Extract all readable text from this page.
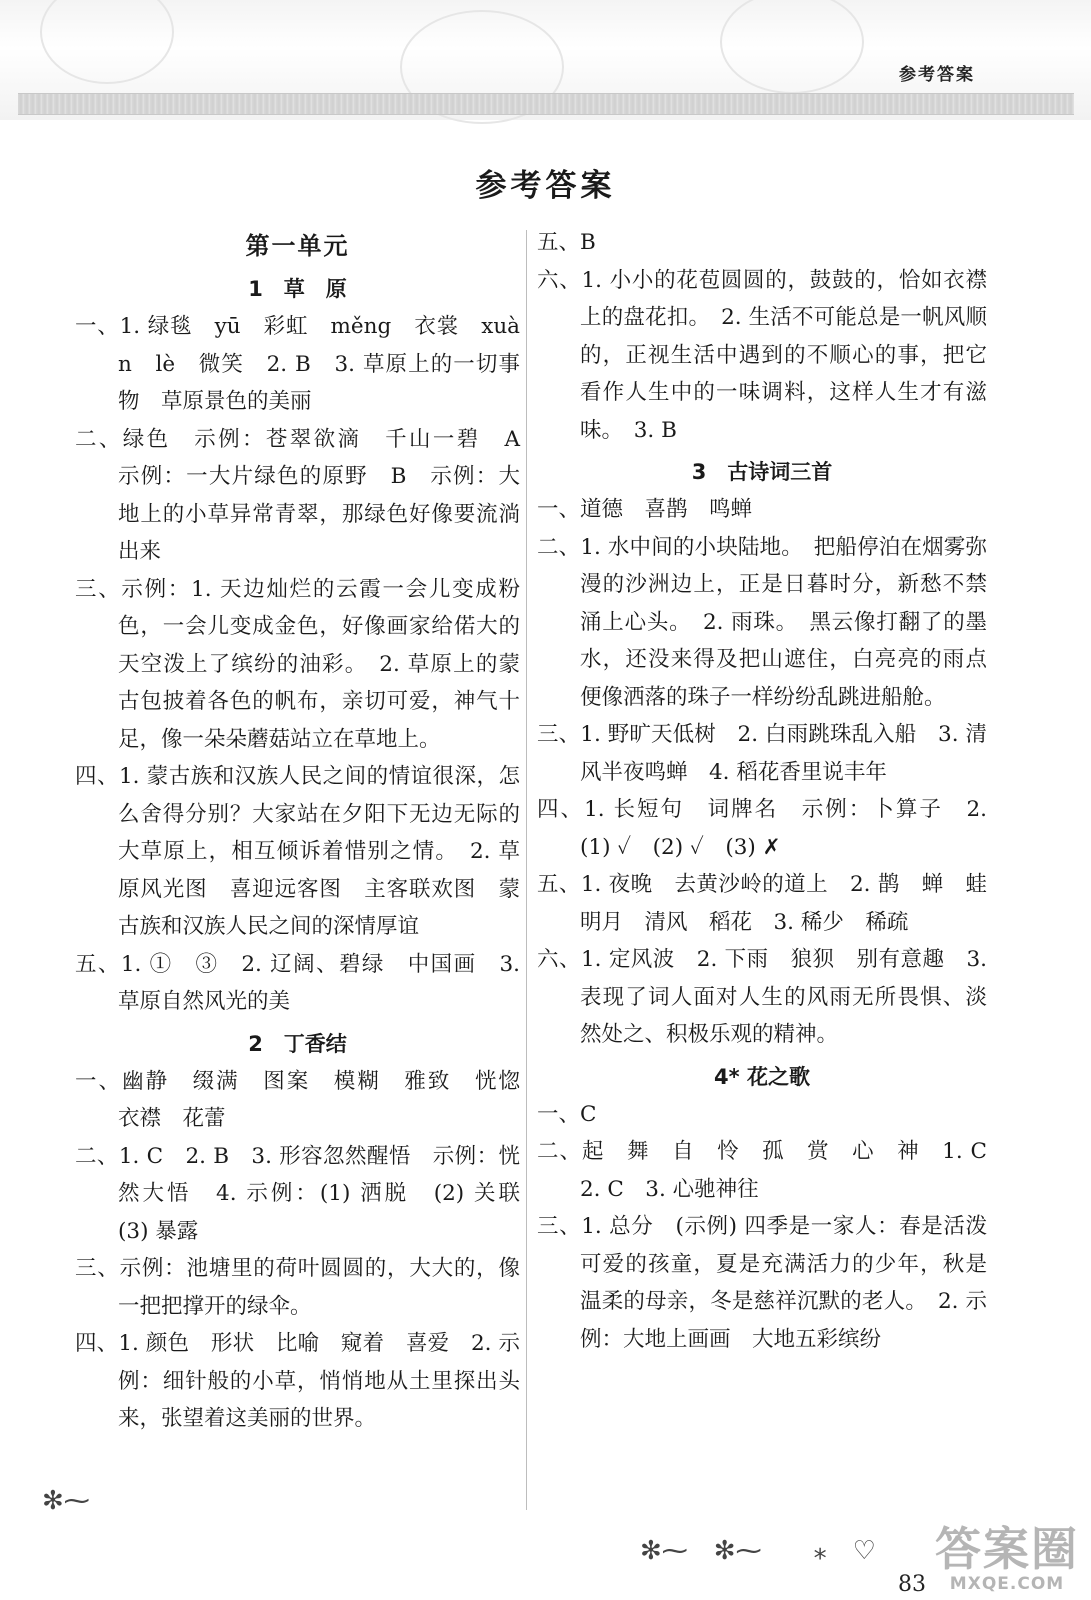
参考答案
参考答案

第一单元

1　草　原

一、1. 绿毯　yū　彩虹　měng　衣裳　xuàn　lè　微笑　2. B　3. 草原上的一切事物　草原景色的美丽

二、绿色　示例：苍翠欲滴　千山一碧　A　示例：一大片绿色的原野　B　示例：大地上的小草异常青翠，那绿色好像要流淌出来

三、示例：1. 天边灿烂的云霞一会儿变成粉色，一会儿变成金色，好像画家给偌大的天空泼上了缤纷的油彩。　2. 草原上的蒙古包披着各色的帆布，亲切可爱，神气十足，像一朵朵蘑菇站立在草地上。

四、1. 蒙古族和汉族人民之间的情谊很深，怎么舍得分别？大家站在夕阳下无边无际的大草原上，相互倾诉着惜别之情。　2. 草原风光图　喜迎远客图　主客联欢图　蒙古族和汉族人民之间的深情厚谊

五、1. ①　③　2. 辽阔、碧绿　中国画　3. 草原自然风光的美

2　丁香结

一、幽静　缀满　图案　模糊　雅致　恍惚　衣襟　花蕾

二、1. C　2. B　3. 形容忽然醒悟　示例：恍然大悟　4. 示例：(1) 洒脱　(2) 关联　(3) 暴露

三、示例：池塘里的荷叶圆圆的，大大的，像一把把撑开的绿伞。

四、1. 颜色　形状　比喻　窥着　喜爱　2. 示例：细针般的小草，悄悄地从土里探出头来，张望着这美丽的世界。

五、B

六、1. 小小的花苞圆圆的，鼓鼓的，恰如衣襟上的盘花扣。　2. 生活不可能总是一帆风顺的，正视生活中遇到的不顺心的事，把它看作人生中的一味调料，这样人生才有滋味。　3. B

3　古诗词三首

一、道德　喜鹊　鸣蝉

二、1. 水中间的小块陆地。　把船停泊在烟雾弥漫的沙洲边上，正是日暮时分，新愁不禁涌上心头。　2. 雨珠。　黑云像打翻了的墨水，还没来得及把山遮住，白亮亮的雨点便像洒落的珠子一样纷纷乱跳进船舱。

三、1. 野旷天低树　2. 白雨跳珠乱入船　3. 清风半夜鸣蝉　4. 稻花香里说丰年

四、1. 长短句　词牌名　示例：卜算子　2. (1) ✓　(2) ✓　(3) ✗

五、1. 夜晚　去黄沙岭的道上　2. 鹊　蝉　蛙　明月　清风　稻花　3. 稀少　稀疏

六、1. 定风波　2. 下雨　狼狈　别有意趣　3. 表现了词人面对人生的风雨无所畏惧、淡然处之、积极乐观的精神。

4* 花之歌

一、C

二、起　舞　自　怜　孤　赏　心　神　1. C　2. C　3. 心驰神往

三、1. 总分　(示例) 四季是一家人：春是活泼可爱的孩童，夏是充满活力的少年，秋是温柔的母亲，冬是慈祥沉默的老人。　2. 示例：大地上画画　大地五彩缤纷

✻⁓
✻⁓　✻⁓　　⁎　♡
83
答案圈
MXQE.COM
